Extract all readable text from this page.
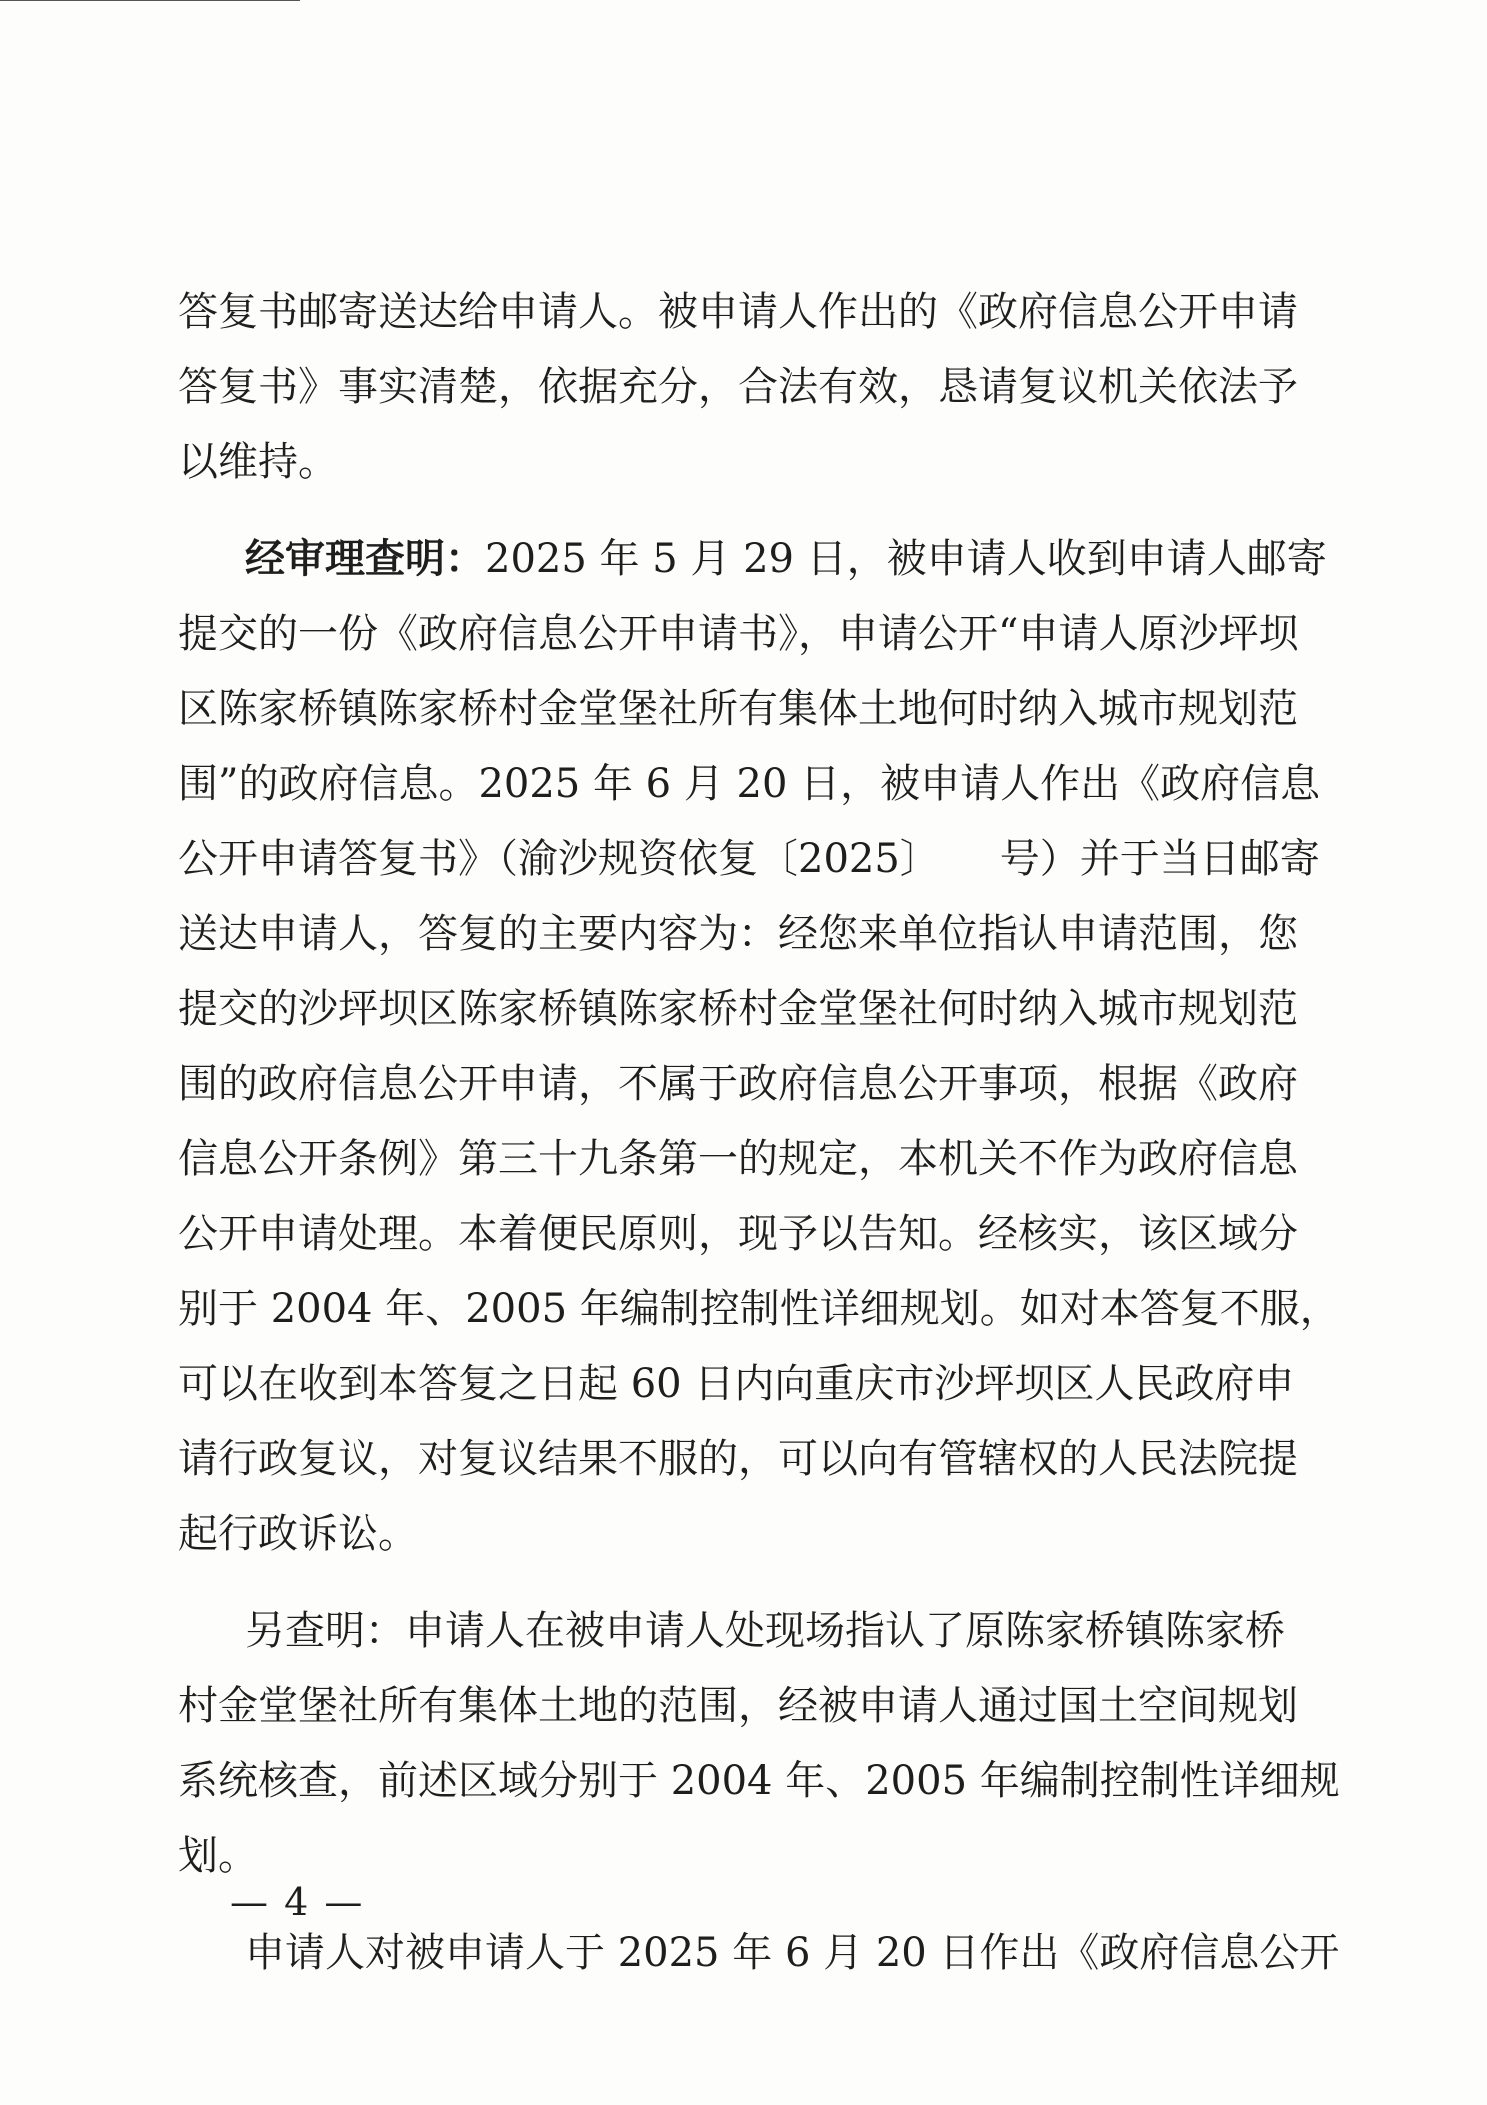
答复书邮寄送达给申请人。被申请人作出的《政府信息公开申请
答复书》事实清楚，依据充分，合法有效，恳请复议机关依法予
以维持。
经审理查明：2025 年 5 月 29 日，被申请人收到申请人邮寄
提交的一份《政府信息公开申请书》，申请公开“申请人原沙坪坝
区陈家桥镇陈家桥村金堂堡社所有集体土地何时纳入城市规划范
围”的政府信息。2025 年 6 月 20 日，被申请人作出《政府信息
公开申请答复书》（渝沙规资依复〔2025〕 号）并于当日邮寄
送达申请人，答复的主要内容为：经您来单位指认申请范围，您
提交的沙坪坝区陈家桥镇陈家桥村金堂堡社何时纳入城市规划范
围的政府信息公开申请，不属于政府信息公开事项，根据《政府
信息公开条例》第三十九条第一的规定，本机关不作为政府信息
公开申请处理。本着便民原则，现予以告知。经核实，该区域分
别于 2004 年、2005 年编制控制性详细规划。如对本答复不服，
可以在收到本答复之日起 60 日内向重庆市沙坪坝区人民政府申
请行政复议，对复议结果不服的，可以向有管辖权的人民法院提
起行政诉讼。
另查明：申请人在被申请人处现场指认了原陈家桥镇陈家桥
村金堂堡社所有集体土地的范围，经被申请人通过国土空间规划
系统核查，前述区域分别于 2004 年、2005 年编制控制性详细规
划。
申请人对被申请人于 2025 年 6 月 20 日作出《政府信息公开
— 4 —
